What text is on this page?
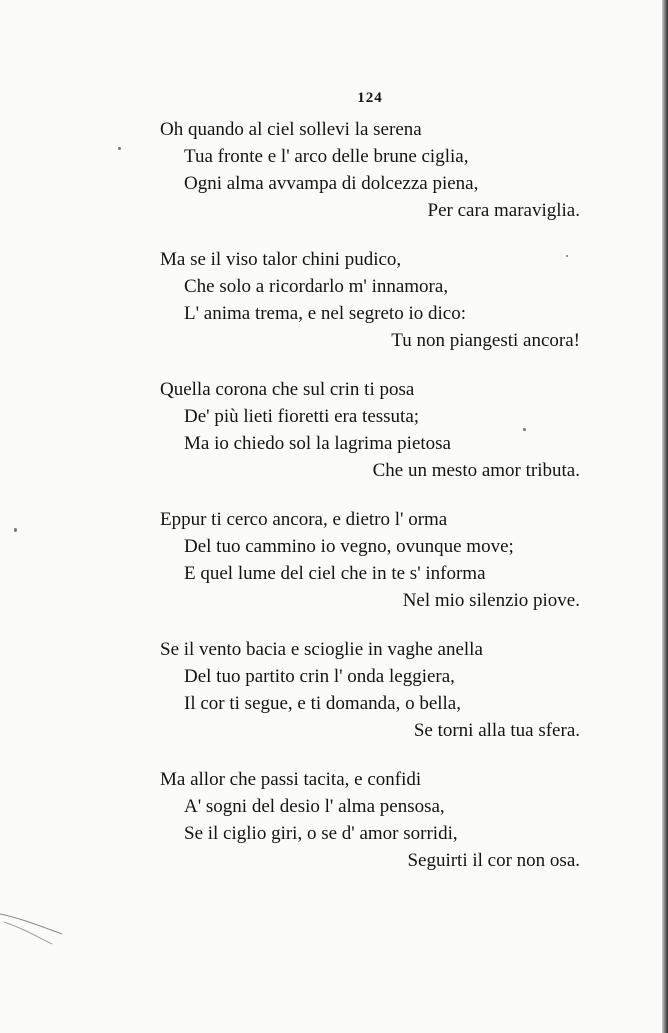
124
Oh quando al ciel sollevi la serena
Tua fronte e l' arco delle brune ciglia,
Ogni alma avvampa di dolcezza piena,
Per cara maraviglia.
Ma se il viso talor chini pudico,
Che solo a ricordarlo m' innamora,
L' anima trema, e nel segreto io dico:
Tu non piangesti ancora!
Quella corona che sul crin ti posa
De' più lieti fioretti era tessuta;
Ma io chiedo sol la lagrima pietosa
Che un mesto amor tributa.
Eppur ti cerco ancora, e dietro l' orma
Del tuo cammino io vegno, ovunque move;
E quel lume del ciel che in te s' informa
Nel mio silenzio piove.
Se il vento bacia e scioglie in vaghe anella
Del tuo partito crin l' onda leggiera,
Il cor ti segue, e ti domanda, o bella,
Se torni alla tua sfera.
Ma allor che passi tacita, e confidi
A' sogni del desio l' alma pensosa,
Se il ciglio giri, o se d' amor sorridi,
Seguirti il cor non osa.
